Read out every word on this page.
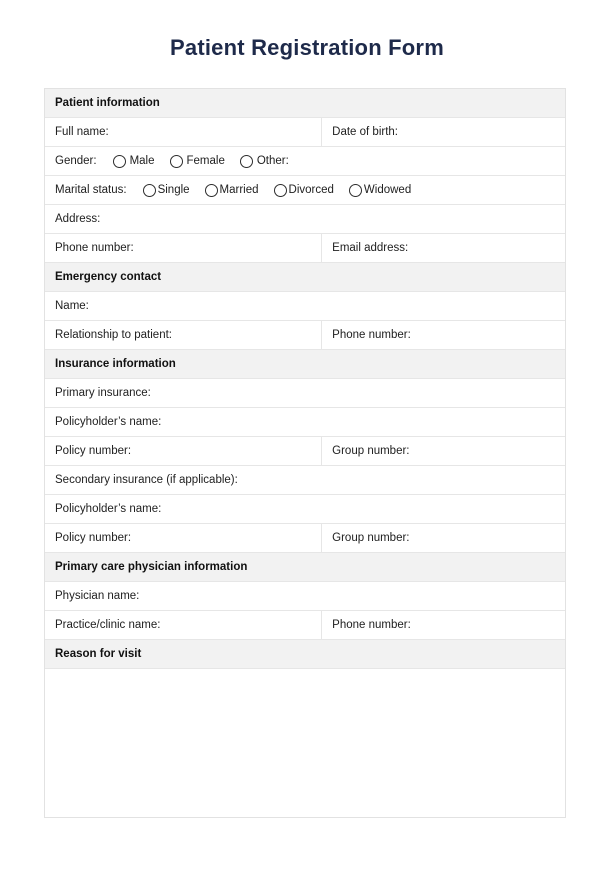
Patient Registration Form
Patient information
Full name:	Date of birth:
Gender:	Male	Female	Other:
Marital status:	Single	Married	Divorced	Widowed
Address:
Phone number:	Email address:
Emergency contact
Name:
Relationship to patient:	Phone number:
Insurance information
Primary insurance:
Policyholder’s name:
Policy number:	Group number:
Secondary insurance (if applicable):
Policyholder’s name:
Policy number:	Group number:
Primary care physician information
Physician name:
Practice/clinic name:	Phone number:
Reason for visit
